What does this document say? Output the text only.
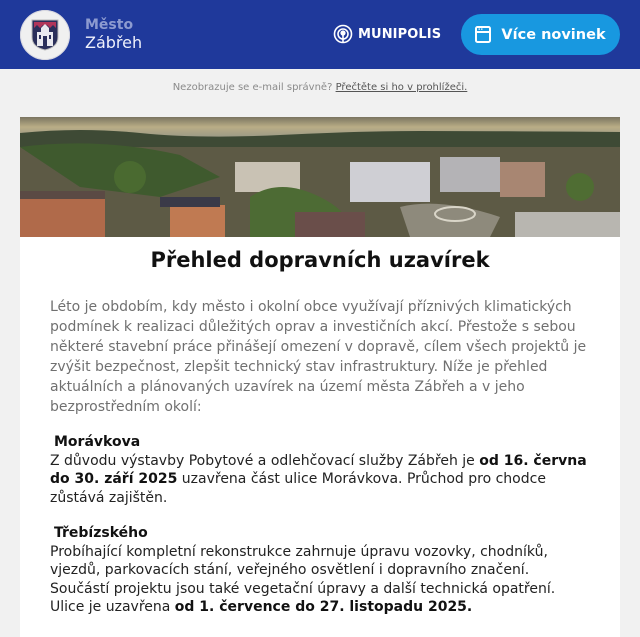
Město
Zábřeh	MUNIPOLIS	Více novinek
Nezobrazuje se e-mail správně? Přečtěte si ho v prohlížeči.
Přehled dopravních uzavírek

Léto je obdobím, kdy město i okolní obce využívají příznivých klimatických podmínek k realizaci důležitých oprav a investičních akcí. Přestože s sebou některé stavební práce přinášejí omezení v dopravě, cílem všech projektů je zvýšit bezpečnost, zlepšit technický stav infrastruktury. Níže je přehled aktuálních a plánovaných uzavírek na území města Zábřeh a v jeho bezprostředním okolí:

Morávkova
Z důvodu výstavby Pobytové a odlehčovací služby Zábřeh je od 16. června do 30. září 2025 uzavřena část ulice Morávkova. Průchod pro chodce zůstává zajištěn.
Třebízského
Probíhající kompletní rekonstrukce zahrnuje úpravu vozovky, chodníků, vjezdů, parkovacích stání, veřejného osvětlení i dopravního značení. Součástí projektu jsou také vegetační úpravy a další technická opatření. Ulice je uzavřena od 1. července do 27. listopadu 2025.
